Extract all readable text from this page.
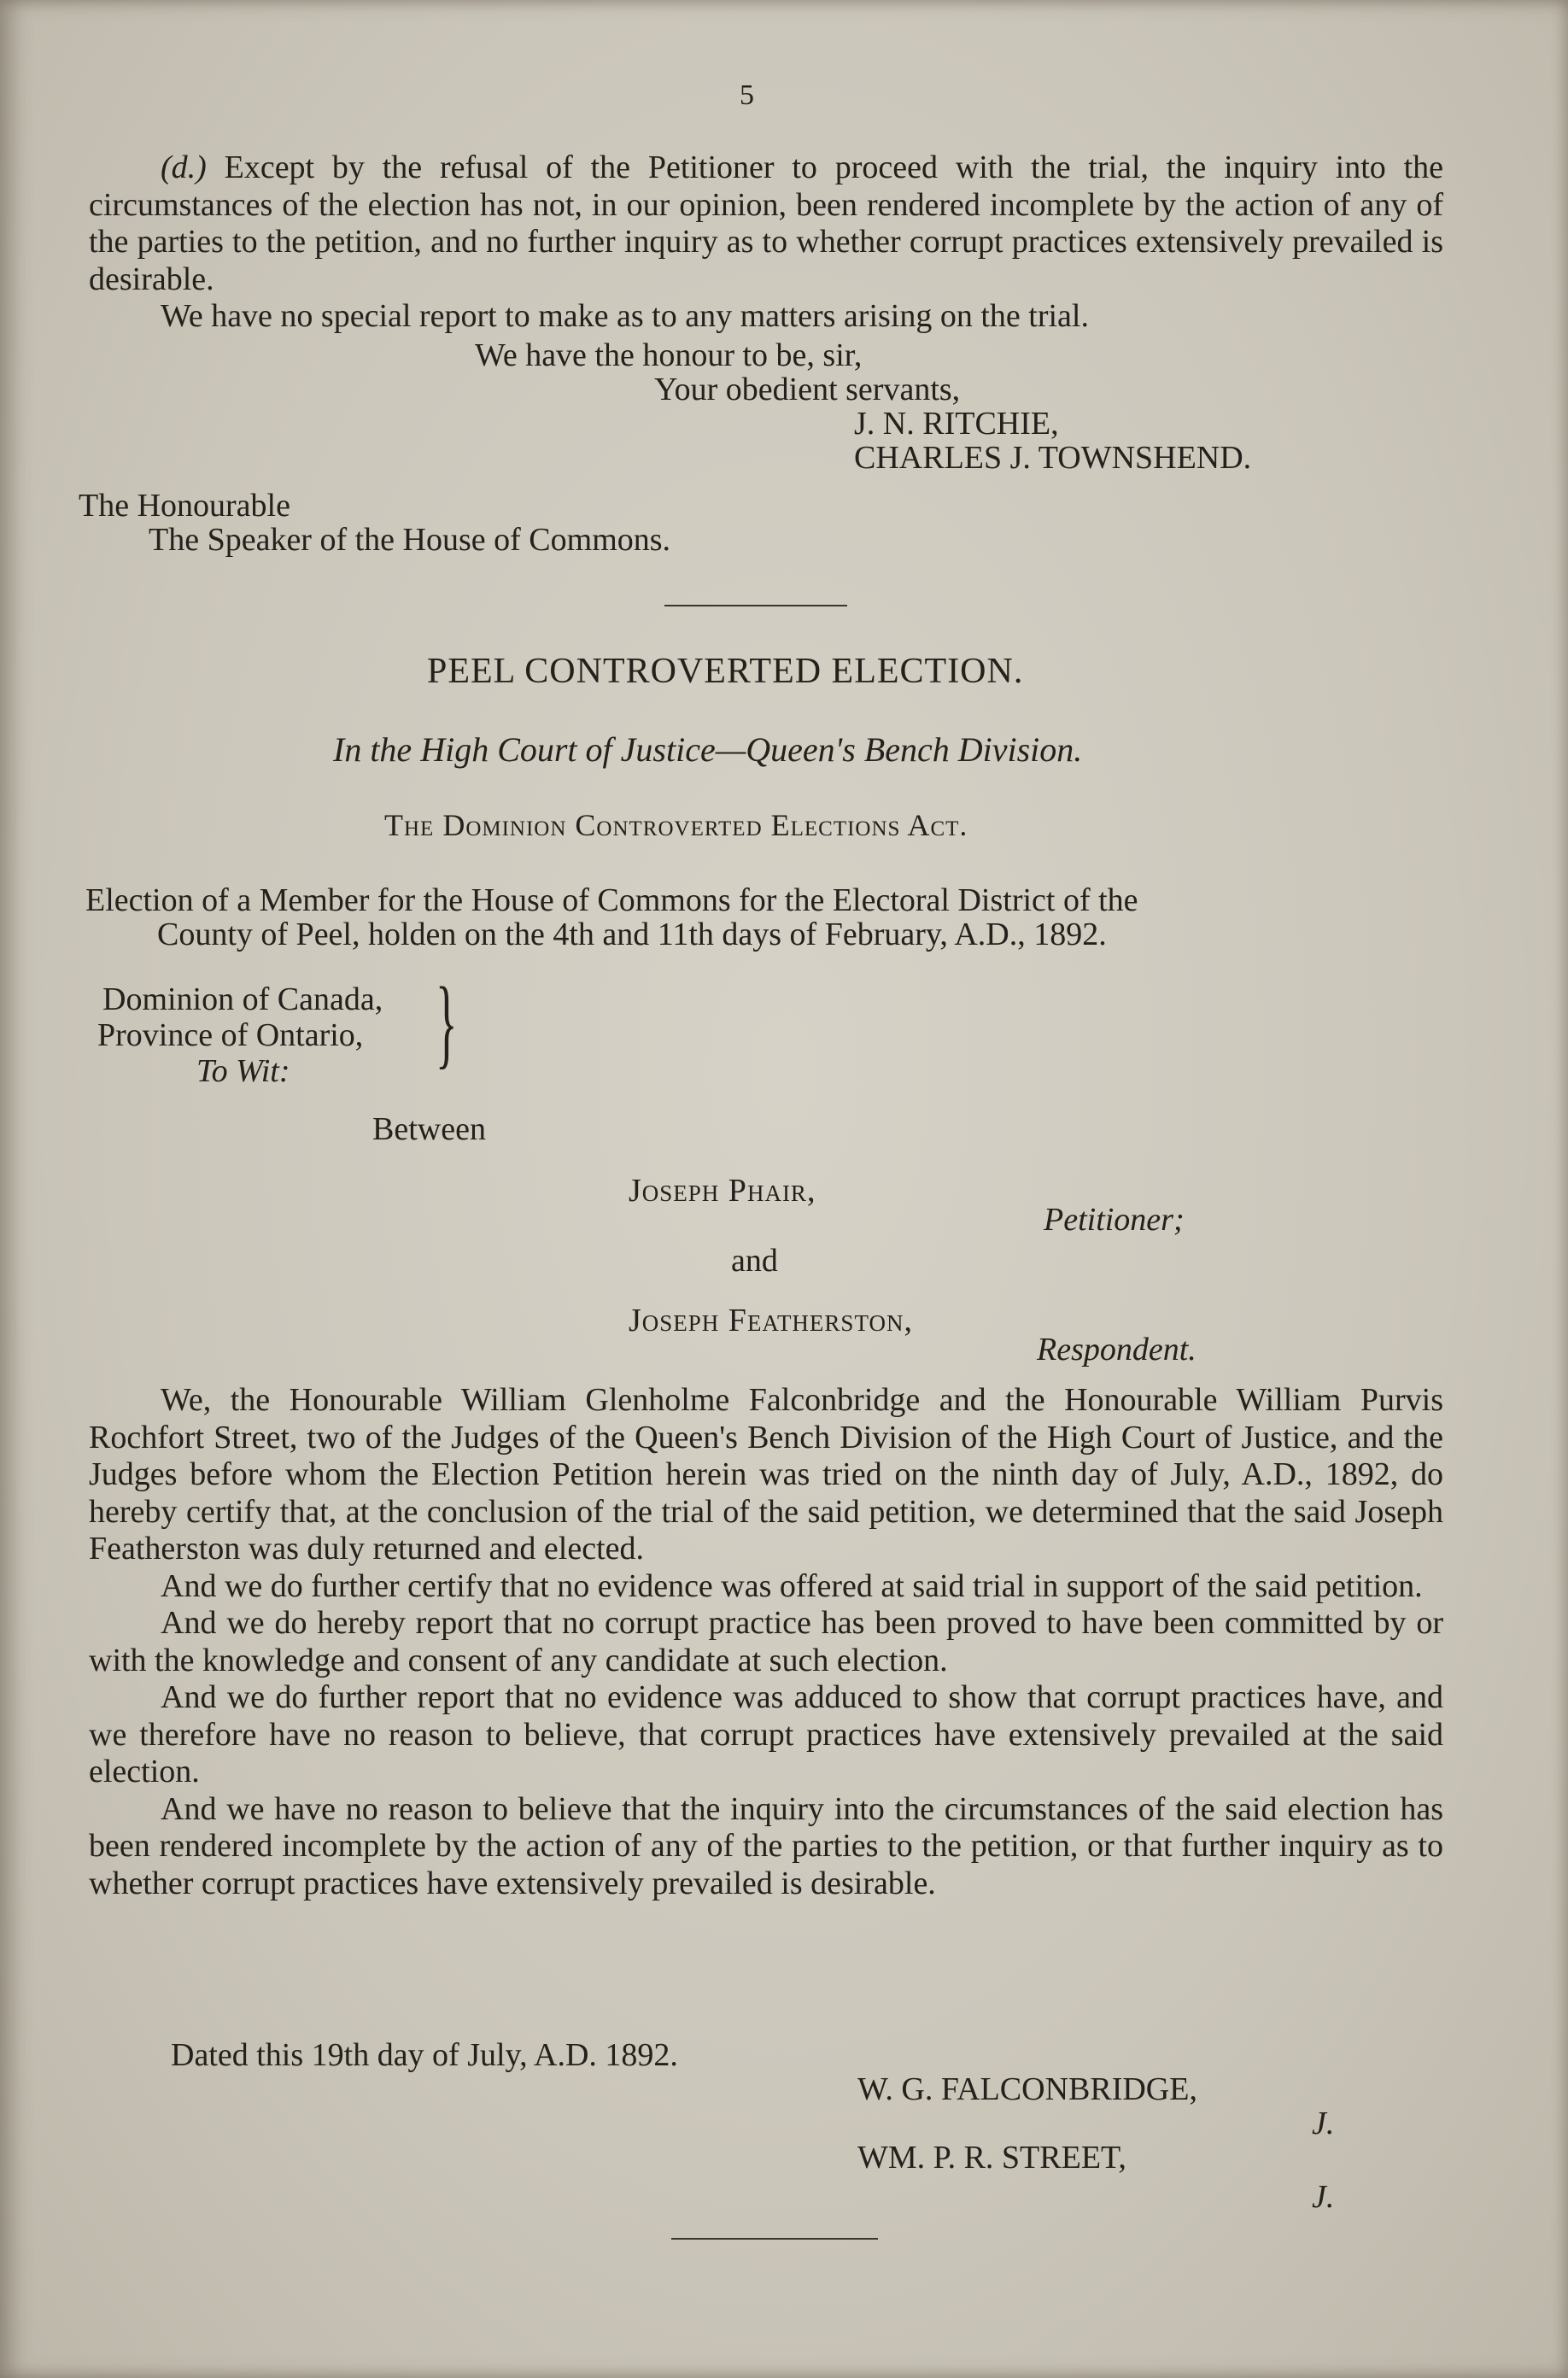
5

(d.) Except by the refusal of the Petitioner to proceed with the trial, the inquiry into the circumstances of the election has not, in our opinion, been rendered incomplete by the action of any of the parties to the petition, and no further inquiry as to whether corrupt practices extensively prevailed is desirable.

We have no special report to make as to any matters arising on the trial.

We have the honour to be, sir,
Your obedient servants,
J. N. RITCHIE,
CHARLES J. TOWNSHEND.
The Honourable
The Speaker of the House of Commons.
PEEL CONTROVERTED ELECTION.
In the High Court of Justice—Queen's Bench Division.
The Dominion Controverted Elections Act.
Election of a Member for the House of Commons for the Electoral District of the
County of Peel, holden on the 4th and 11th days of February, A.D., 1892.
Dominion of Canada,
Province of Ontario,
To Wit: }
Between
Joseph Phair,
Petitioner;
and
Joseph Featherston,
Respondent.

We, the Honourable William Glenholme Falconbridge and the Honourable William Purvis Rochfort Street, two of the Judges of the Queen's Bench Division of the High Court of Justice, and the Judges before whom the Election Petition herein was tried on the ninth day of July, A.D., 1892, do hereby certify that, at the conclusion of the trial of the said petition, we determined that the said Joseph Featherston was duly returned and elected.

And we do further certify that no evidence was offered at said trial in support of the said petition.

And we do hereby report that no corrupt practice has been proved to have been committed by or with the knowledge and consent of any candidate at such election.

And we do further report that no evidence was adduced to show that corrupt practices have, and we therefore have no reason to believe, that corrupt practices have extensively prevailed at the said election.

And we have no reason to believe that the inquiry into the circumstances of the said election has been rendered incomplete by the action of any of the parties to the petition, or that further inquiry as to whether corrupt practices have extensively prevailed is desirable.

Dated this 19th day of July, A.D. 1892.
W. G. FALCONBRIDGE,
J.
WM. P. R. STREET,
J.
